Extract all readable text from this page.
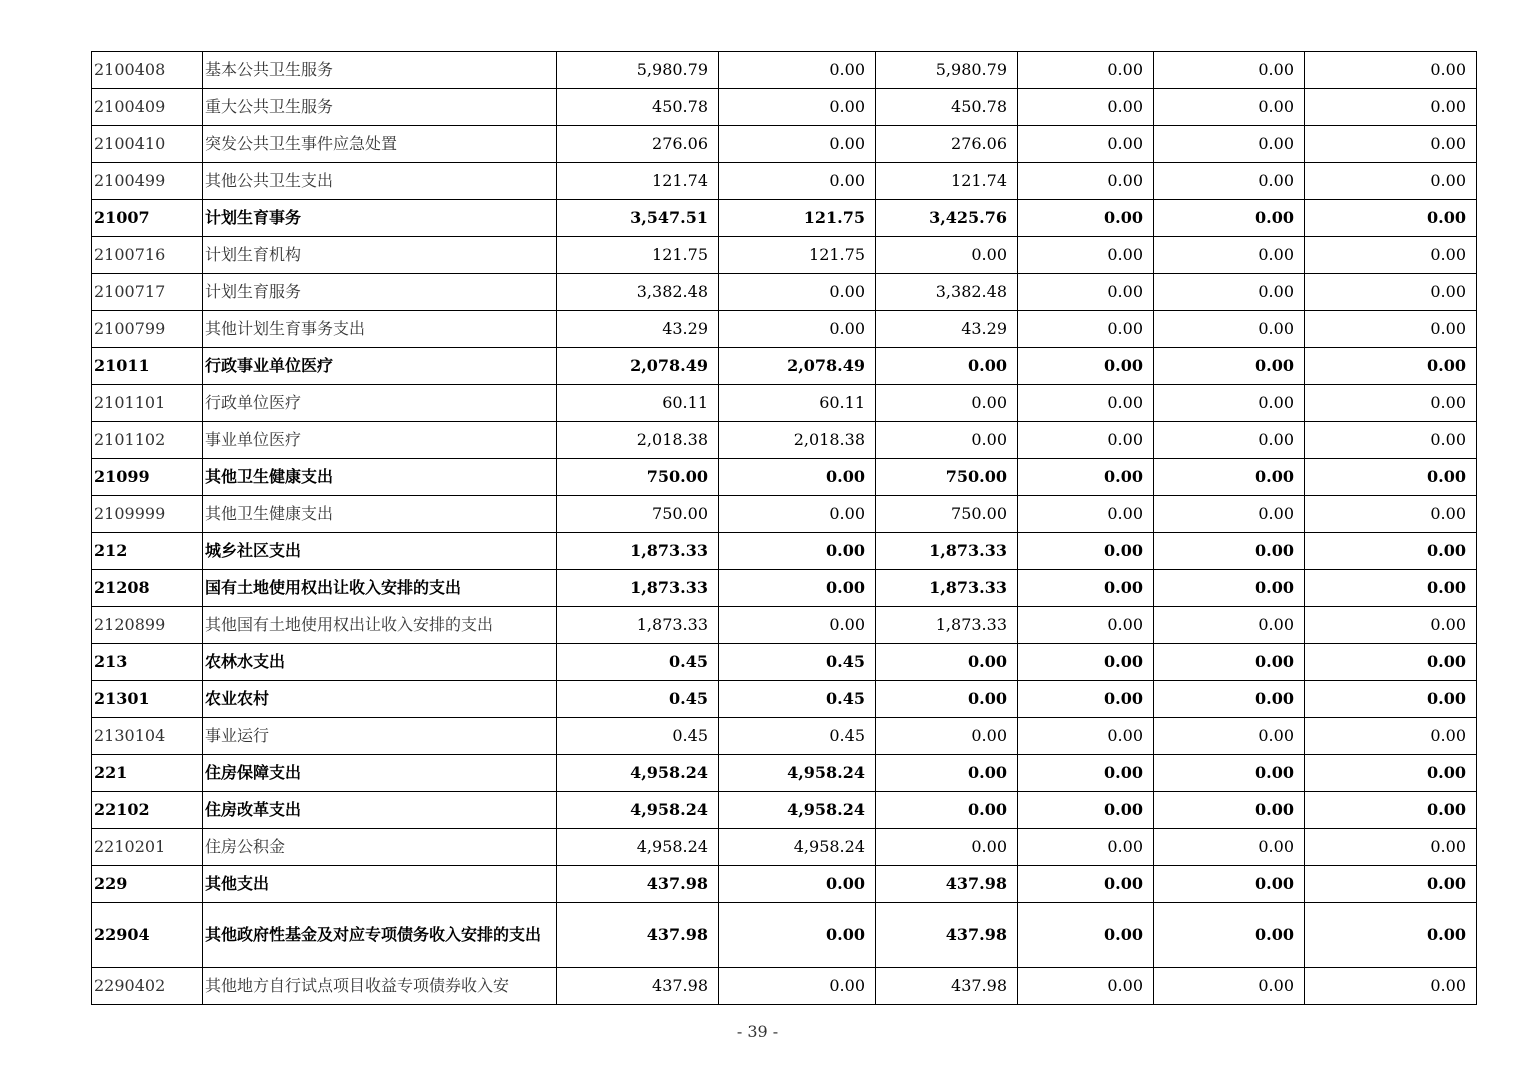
2100408	基本公共卫生服务	5,980.79	0.00	5,980.79	0.00	0.00	0.00
2100409	重大公共卫生服务	450.78	0.00	450.78	0.00	0.00	0.00
2100410	突发公共卫生事件应急处置	276.06	0.00	276.06	0.00	0.00	0.00
2100499	其他公共卫生支出	121.74	0.00	121.74	0.00	0.00	0.00
21007	计划生育事务	3,547.51	121.75	3,425.76	0.00	0.00	0.00
2100716	计划生育机构	121.75	121.75	0.00	0.00	0.00	0.00
2100717	计划生育服务	3,382.48	0.00	3,382.48	0.00	0.00	0.00
2100799	其他计划生育事务支出	43.29	0.00	43.29	0.00	0.00	0.00
21011	行政事业单位医疗	2,078.49	2,078.49	0.00	0.00	0.00	0.00
2101101	行政单位医疗	60.11	60.11	0.00	0.00	0.00	0.00
2101102	事业单位医疗	2,018.38	2,018.38	0.00	0.00	0.00	0.00
21099	其他卫生健康支出	750.00	0.00	750.00	0.00	0.00	0.00
2109999	其他卫生健康支出	750.00	0.00	750.00	0.00	0.00	0.00
212	城乡社区支出	1,873.33	0.00	1,873.33	0.00	0.00	0.00
21208	国有土地使用权出让收入安排的支出	1,873.33	0.00	1,873.33	0.00	0.00	0.00
2120899	其他国有土地使用权出让收入安排的支出	1,873.33	0.00	1,873.33	0.00	0.00	0.00
213	农林水支出	0.45	0.45	0.00	0.00	0.00	0.00
21301	农业农村	0.45	0.45	0.00	0.00	0.00	0.00
2130104	事业运行	0.45	0.45	0.00	0.00	0.00	0.00
221	住房保障支出	4,958.24	4,958.24	0.00	0.00	0.00	0.00
22102	住房改革支出	4,958.24	4,958.24	0.00	0.00	0.00	0.00
2210201	住房公积金	4,958.24	4,958.24	0.00	0.00	0.00	0.00
229	其他支出	437.98	0.00	437.98	0.00	0.00	0.00
22904	其他政府性基金及对应专项债务收入安排的支出	437.98	0.00	437.98	0.00	0.00	0.00
2290402	其他地方自行试点项目收益专项债券收入安	437.98	0.00	437.98	0.00	0.00	0.00
- 39 -
